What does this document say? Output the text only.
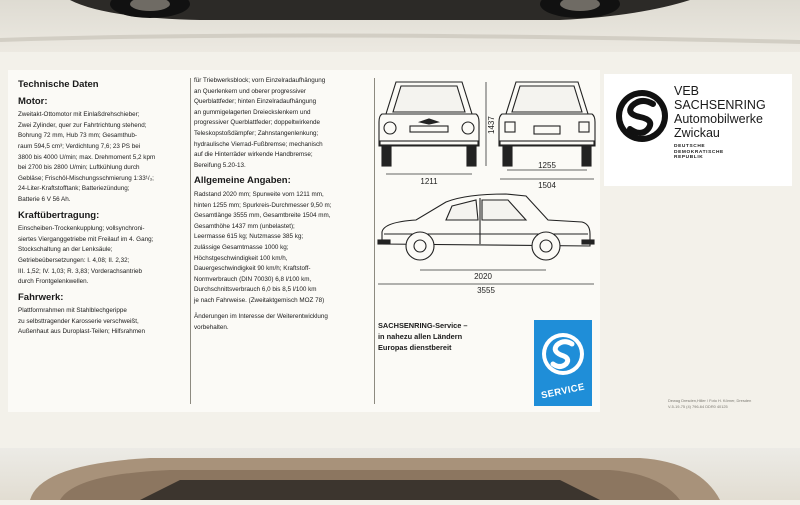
Technische Daten

Motor:

Zweitakt-Ottomotor mit Einlaßdrehschieber;

Zwei Zylinder, quer zur Fahrtrichtung stehend;

Bohrung 72 mm, Hub 73 mm; Gesamthub-

raum 594,5 cm³; Verdichtung 7,6; 23 PS bei

3800 bis 4000 U/min; max. Drehmoment 5,2 kpm

bei 2700 bis 2800 U/min; Luftkühlung durch

Gebläse; Frischöl-Mischungsschmierung 1:33¹/₃;

24-Liter-Kraftstofftank; Batteriezündung;

Batterie 6 V 56 Ah.

Kraftübertragung:

Einscheiben-Trockenkupplung; vollsynchroni-

siertes Vierganggetriebe mit Freilauf im 4. Gang;

Stockschaltung an der Lenksäule;

Getriebeübersetzungen: I. 4,08; II. 2,32;

III. 1,52; IV. 1,03; R. 3,83; Vorderachsantrieb

durch Frontgelenkwellen.

Fahrwerk:

Plattformrahmen mit Stahlblechgerippe

zu selbsttragender Karosserie verschweißt,

Außenhaut aus Duroplast-Teilen; Hilfsrahmen

für Triebwerksblock; vorn Einzelradaufhängung

an Querlenkern und oberer progressiver

Querblattfeder; hinten Einzelradaufhängung

an gummigelagerten Dreieckslenkern und

progressiver Querblattfeder; doppeltwirkende

Teleskopstoßdämpfer; Zahnstangenlenkung;

hydraulische Vierrad-Fußbremse; mechanisch

auf die Hinterräder wirkende Handbremse;

Bereifung 5.20-13.

Allgemeine Angaben:

Radstand 2020 mm; Spurweite vorn 1211 mm,

hinten 1255 mm; Spurkreis-Durchmesser 9,50 m;

Gesamtlänge 3555 mm, Gesamtbreite 1504 mm,

Gesamthöhe 1437 mm (unbelastet);

Leermasse 615 kg; Nutzmasse 385 kg;

zulässige Gesamtmasse 1000 kg;

Höchstgeschwindigkeit 100 km/h,

Dauergeschwindigkeit 90 km/h; Kraftstoff-

Normverbrauch (DIN 70030) 6,8 l/100 km,

Durchschnittsverbrauch 6,0 bis 8,5 l/100 km

je nach Fahrweise. (Zweitaktgemisch MOZ 78)

Änderungen im Interesse der Weiterentwicklung

vorbehalten.

1437
1211
1255
1504
2020
3555

SACHSENRING-Service –

in nahezu allen Ländern

Europas dienstbereit

SERVICE

VEB

SACHSENRING

Automobilwerke

Zwickau

DEUTSCHE

DEMOKRATISCHE

REPUBLIK

Dewag Dresden,Hiller / Foto H. Körner, Dresden

V-5-19-75 (4) 796-64 DDR0 40125
